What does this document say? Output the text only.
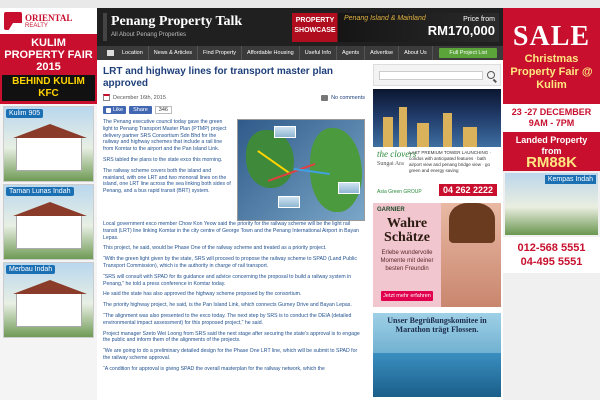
ORIENTAL
REALTY
KULIM PROPERTY FAIR 2015
BEHIND KULIM KFC
Kulim 905
Taman Lunas Indah
Merbau Indah
Penang Property Talk
All About Penang Properties
PROPERTY SHOWCASE
Penang Island & Mainland	Price from
RM170,000
Location	News & Articles	Find Property	Affordable Housing	Useful Info	Agents	Advertise	About Us	Full Project List
LRT and highway lines for transport master plan approved
December 16th, 2015	No comments
Like	Share	346

The Penang executive council today gave the green light to Penang Transport Master Plan (PTMP) project delivery partner SRS Consortium Sdn Bhd for the railway and highway schemes that include a rail line from Komtar to the airport and the Pan Island Link.

SRS tabled the plans to the state exco this morning.

The railway scheme covers both the island and mainland, with one LRT and two monorail lines on the island, one LRT line across the sea linking both sides of Penang, and a bus rapid transit (BRT) system.

Local government exco member Chow Kon Yeow said the priority for the railway scheme will be the light rail transit (LRT) line linking Komtar in the city centre of George Town and the Penang International Airport in Bayan Lepas.

This project, he said, would be Phase One of the railway scheme and treated as a priority project.

“With the green light given by the state, SRS will proceed to propose the railway scheme to SPAD (Land Public Transport Commission), which is the authority in charge of rail transport.

“SRS will consult with SPAD for its guidance and advice concerning the proposal to build a railway system in Penang,” he told a press conference in Komtar today.

He said the state has also approved the highway scheme proposed by the consortium.

The priority highway project, he said, is the Pan Island Link, which connects Gurney Drive and Bayan Lepas.

“The alignment was also presented to the exco today. The next step by SRS is to conduct the DEIA (detailed environmental impact assessment) for this proposed project,” he said.

Project manager Szeto Wei Loong from SRS said the next stage after securing the state’s approval is to engage the public and inform them of the alignments of the projects.

“We are going to do a preliminary detailed design for the Phase One LRT line, which will be submit to SPAD for the railway scheme approval.

“A condition for approval is giving SPAD the overall masterplan for the railway network, which the

the clovers
Sungai Ara
LAST PREMIUM TOWER LAUNCHING · condos with anticipated features · bath airport view and penang bridge view · go green and energy saving
Asia Green GROUP	04 262 2222
GARNIER
Wahre Schätze
Erlebe wundervolle Momente mit deiner besten Freundin
Jetzt mehr erfahren
Unser Begrüßungskomitee in Marathon trägt Flossen.
SALE
Christmas Property Fair @ Kulim
23 -27 DECEMBER
9AM - 7PM
Landed Property from
RM88K
Kempas Indah
012-568 5551
04-495 5551
